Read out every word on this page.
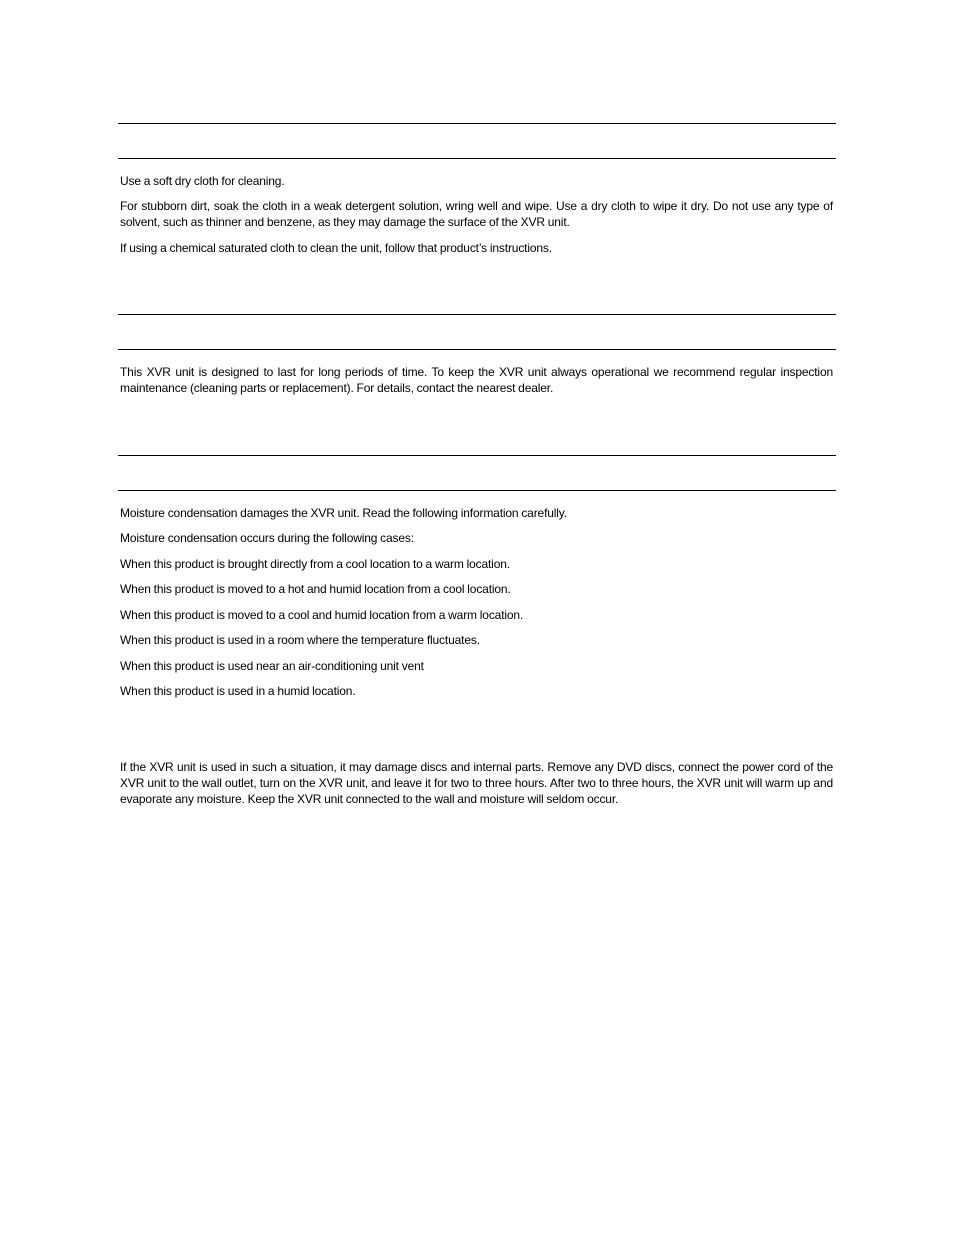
Use a soft dry cloth for cleaning.

For stubborn dirt, soak the cloth in a weak detergent solution, wring well and wipe. Use a dry cloth to wipe it dry. Do not use any type of solvent, such as thinner and benzene, as they may damage the surface of the XVR unit.

If using a chemical saturated cloth to clean the unit, follow that product’s instructions.

This XVR unit is designed to last for long periods of time. To keep the XVR unit always operational we recommend regular inspection maintenance (cleaning parts or replacement). For details, contact the nearest dealer.

Moisture condensation damages the XVR unit. Read the following information carefully.

Moisture condensation occurs during the following cases:

When this product is brought directly from a cool location to a warm location.

When this product is moved to a hot and humid location from a cool location.

When this product is moved to a cool and humid location from a warm location.

When this product is used in a room where the temperature fluctuates.

When this product is used near an air-conditioning unit vent

When this product is used in a humid location.

If the XVR unit is used in such a situation, it may damage discs and internal parts. Remove any DVD discs, connect the power cord of the XVR unit to the wall outlet, turn on the XVR unit, and leave it for two to three hours. After two to three hours, the XVR unit will warm up and evaporate any moisture. Keep the XVR unit connected to the wall and moisture will seldom occur.
